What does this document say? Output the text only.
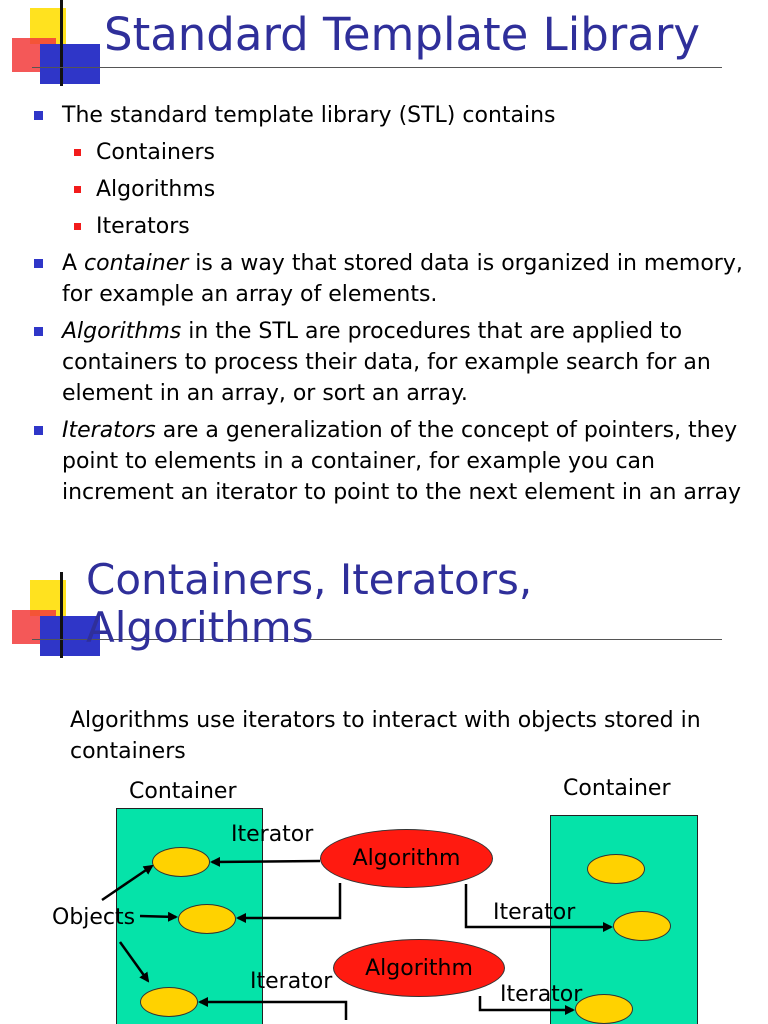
Standard Template Library
The standard template library (STL) contains
Containers
Algorithms
Iterators
A container is a way that stored data is organized in memory, for example an array of elements.
Algorithms in the STL are procedures that are applied to containers to process their data, for example search for an element in an array, or sort an array.
Iterators are a generalization of the concept of pointers, they point to elements in a container, for example you can increment an iterator to point to the next element in an array
Containers, Iterators,
Algorithms
Algorithms use iterators to interact with objects stored in containers
Container	Container
Algorithm
Algorithm
Iterator
Iterator
Iterator
Iterator
Objects
